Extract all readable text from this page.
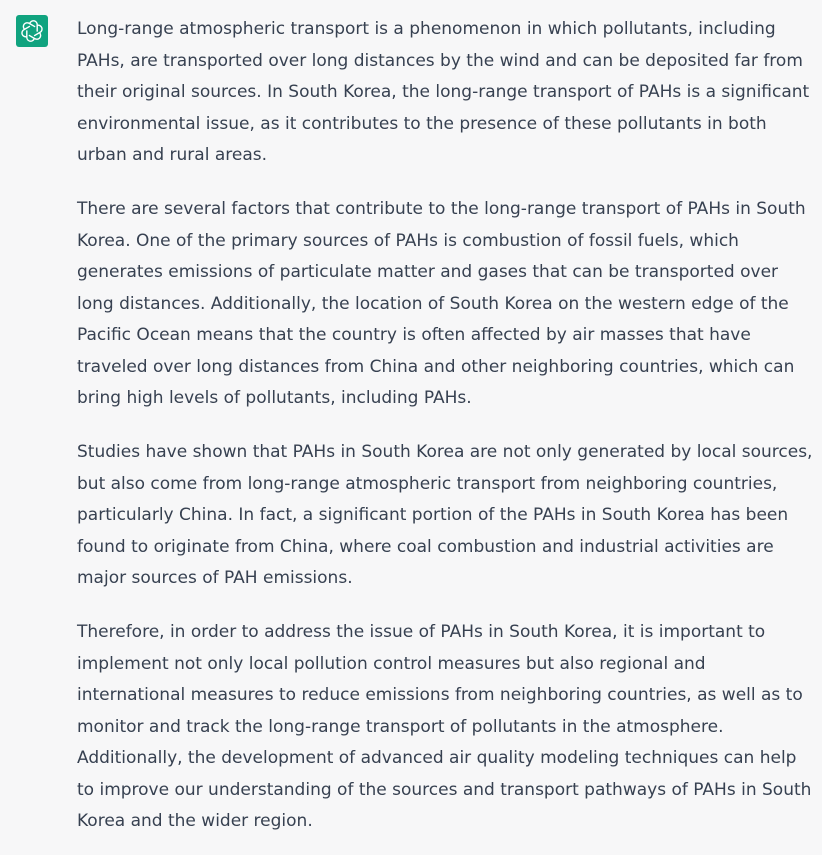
Long-range atmospheric transport is a phenomenon in which pollutants, including PAHs, are transported over long distances by the wind and can be deposited far from their original sources. In South Korea, the long-range transport of PAHs is a significant environmental issue, as it contributes to the presence of these pollutants in both urban and rural areas.

There are several factors that contribute to the long-range transport of PAHs in South Korea. One of the primary sources of PAHs is combustion of fossil fuels, which generates emissions of particulate matter and gases that can be transported over long distances. Additionally, the location of South Korea on the western edge of the Pacific Ocean means that the country is often affected by air masses that have traveled over long distances from China and other neighboring countries, which can bring high levels of pollutants, including PAHs.

Studies have shown that PAHs in South Korea are not only generated by local sources, but also come from long-range atmospheric transport from neighboring countries, particularly China. In fact, a significant portion of the PAHs in South Korea has been found to originate from China, where coal combustion and industrial activities are major sources of PAH emissions.

Therefore, in order to address the issue of PAHs in South Korea, it is important to implement not only local pollution control measures but also regional and international measures to reduce emissions from neighboring countries, as well as to monitor and track the long-range transport of pollutants in the atmosphere. Additionally, the development of advanced air quality modeling techniques can help to improve our understanding of the sources and transport pathways of PAHs in South Korea and the wider region.
